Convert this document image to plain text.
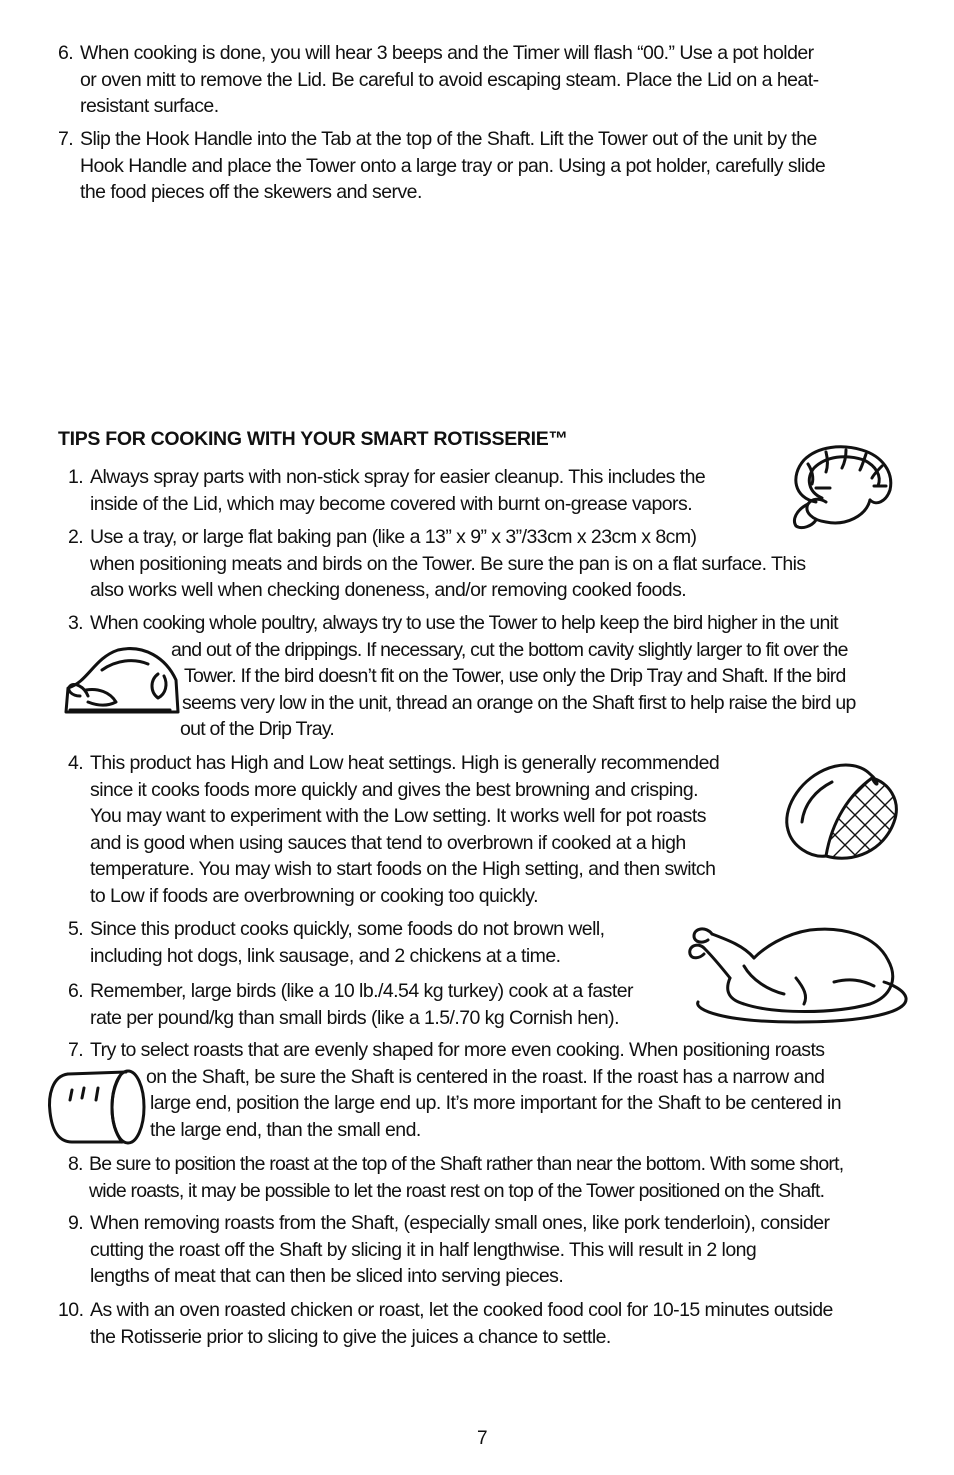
6. When cooking is done, you will hear 3 beeps and the Timer will flash “00.” Use a pot holder
or oven mitt to remove the Lid. Be careful to avoid escaping steam. Place the Lid on a heat-
resistant surface.
7. Slip the Hook Handle into the Tab at the top of the Shaft. Lift the Tower out of the unit by the
Hook Handle and place the Tower onto a large tray or pan. Using a pot holder, carefully slide
the food pieces off the skewers and serve.
TIPS FOR COOKING WITH YOUR SMART ROTISSERIE™
1. Always spray parts with non-stick spray for easier cleanup. This includes the
inside of the Lid, which may become covered with burnt on-grease vapors.
2. Use a tray, or large flat baking pan (like a 13” x 9” x 3”/33cm x 23cm x 8cm)
when positioning meats and birds on the Tower. Be sure the pan is on a flat surface. This
also works well when checking doneness, and/or removing cooked foods.
3. When cooking whole poultry, always try to use the Tower to help keep the bird higher in the unit
and out of the drippings. If necessary, cut the bottom cavity slightly larger to fit over the
Tower. If the bird doesn’t fit on the Tower, use only the Drip Tray and Shaft. If the bird
seems very low in the unit, thread an orange on the Shaft first to help raise the bird up
out of the Drip Tray.
4. This product has High and Low heat settings. High is generally recommended
since it cooks foods more quickly and gives the best browning and crisping.
You may want to experiment with the Low setting. It works well for pot roasts
and is good when using sauces that tend to overbrown if cooked at a high
temperature. You may wish to start foods on the High setting, and then switch
to Low if foods are overbrowning or cooking too quickly.
5. Since this product cooks quickly, some foods do not brown well,
including hot dogs, link sausage, and 2 chickens at a time.
6. Remember, large birds (like a 10 lb./4.54 kg turkey) cook at a faster
rate per pound/kg than small birds (like a 1.5/.70 kg Cornish hen).
7. Try to select roasts that are evenly shaped for more even cooking. When positioning roasts
on the Shaft, be sure the Shaft is centered in the roast. If the roast has a narrow and
large end, position the large end up. It’s more important for the Shaft to be centered in
the large end, than the small end.
8. Be sure to position the roast at the top of the Shaft rather than near the bottom. With some short,
wide roasts, it may be possible to let the roast rest on top of the Tower positioned on the Shaft.
9. When removing roasts from the Shaft, (especially small ones, like pork tenderloin), consider
cutting the roast off the Shaft by slicing it in half lengthwise. This will result in 2 long
lengths of meat that can then be sliced into serving pieces.
10. As with an oven roasted chicken or roast, let the cooked food cool for 10-15 minutes outside
the Rotisserie prior to slicing to give the juices a chance to settle.
7
